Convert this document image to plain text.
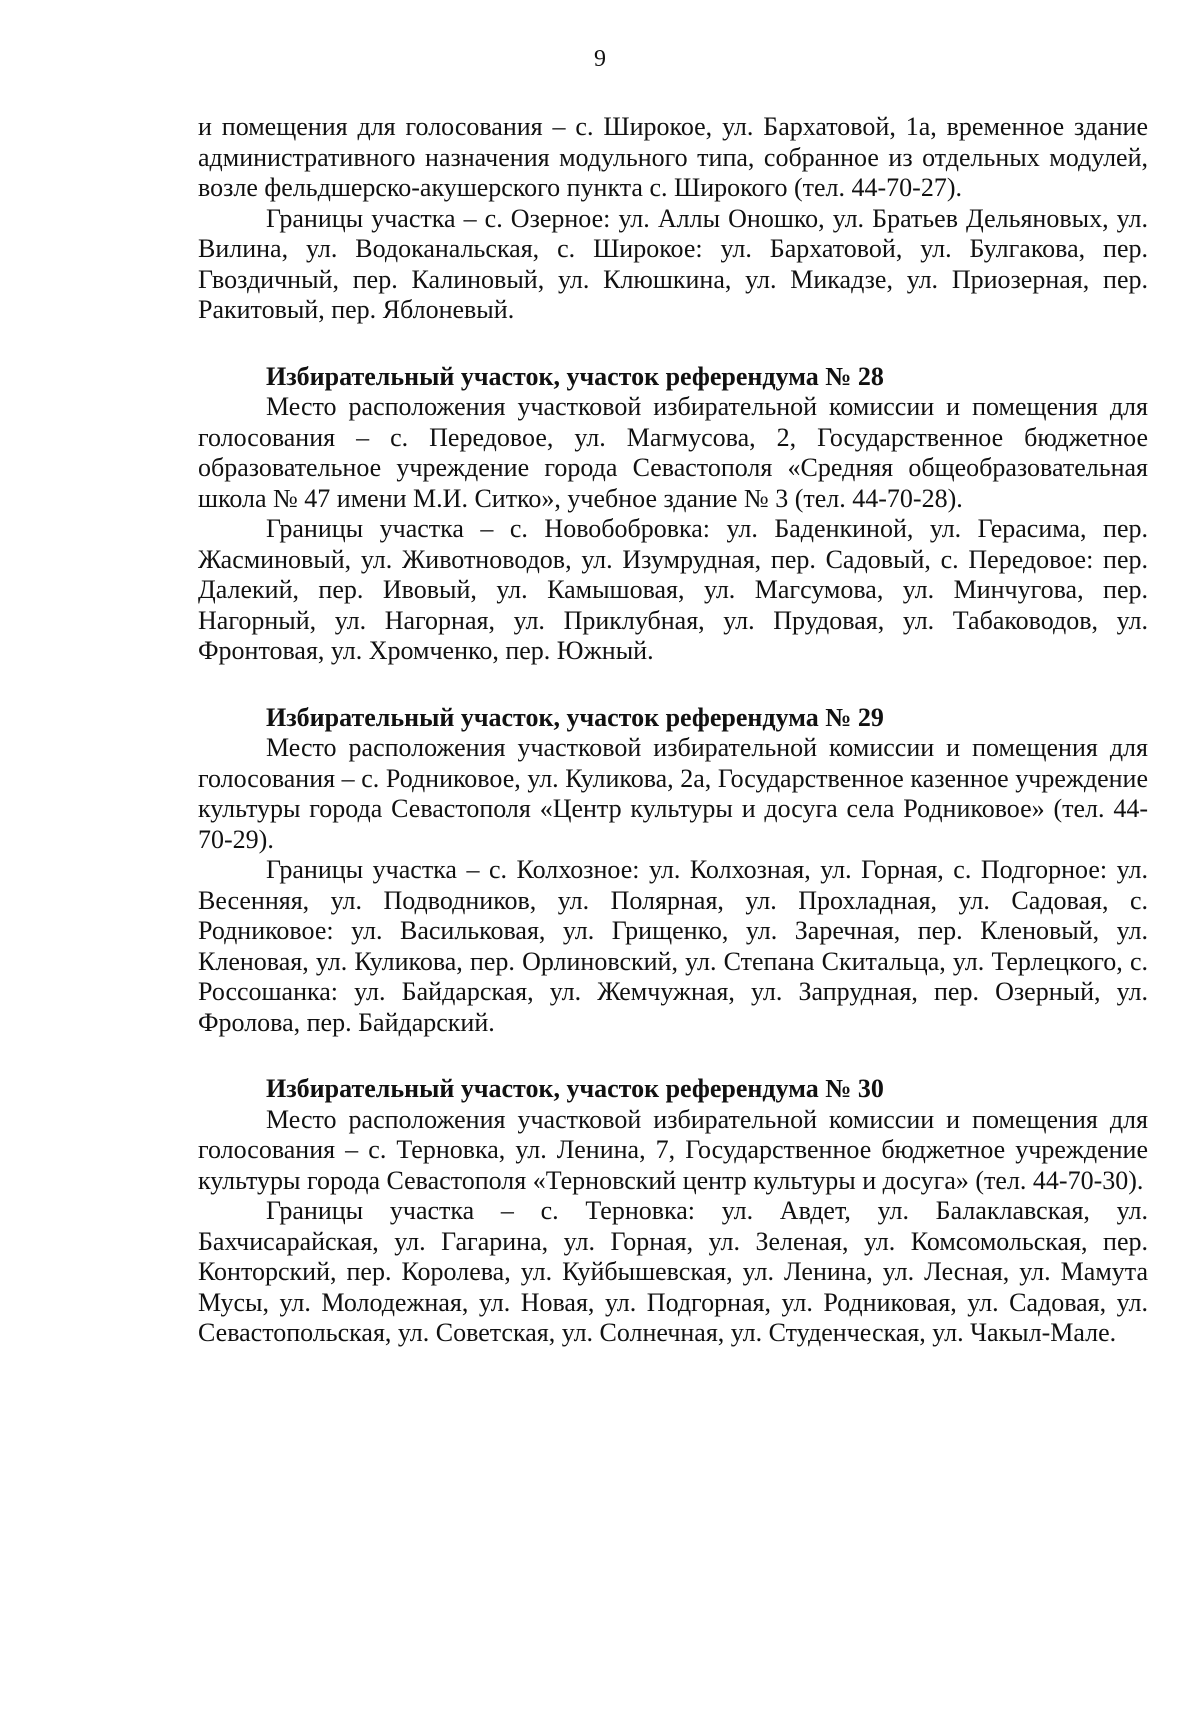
9

и помещения для голосования – с. Широкое, ул. Бархатовой, 1а, временное здание административного назначения модульного типа, собранное из отдельных модулей, возле фельдшерско-акушерского пункта с. Широкого (тел. 44-70-27).

Границы участка – с. Озерное: ул. Аллы Оношко, ул. Братьев Дельяновых, ул. Вилина, ул. Водоканальская, с. Широкое: ул. Бархатовой, ул. Булгакова, пер. Гвоздичный, пер. Калиновый, ул. Клюшкина, ул. Микадзе, ул. Приозерная, пер. Ракитовый, пер. Яблоневый.

Избирательный участок, участок референдума № 28

Место расположения участковой избирательной комиссии и помещения для голосования – с. Передовое, ул. Магмусова, 2, Государственное бюджетное образовательное учреждение города Севастополя «Средняя общеобразовательная школа № 47 имени М.И. Ситко», учебное здание № 3 (тел. 44-70-28).

Границы участка – с. Новобобровка: ул. Баденкиной, ул. Герасима, пер. Жасминовый, ул. Животноводов, ул. Изумрудная, пер. Садовый, с. Передовое: пер. Далекий, пер. Ивовый, ул. Камышовая, ул. Магсумова, ул. Минчугова, пер. Нагорный, ул. Нагорная, ул. Приклубная, ул. Прудовая, ул. Табаководов, ул. Фронтовая, ул. Хромченко, пер. Южный.

Избирательный участок, участок референдума № 29

Место расположения участковой избирательной комиссии и помещения для голосования – с. Родниковое, ул. Куликова, 2а, Государственное казенное учреждение культуры города Севастополя «Центр культуры и досуга села Родниковое» (тел. 44-70-29).

Границы участка – с. Колхозное: ул. Колхозная, ул. Горная, с. Подгорное: ул. Весенняя, ул. Подводников, ул. Полярная, ул. Прохладная, ул. Садовая, с. Родниковое: ул. Васильковая, ул. Грищенко, ул. Заречная, пер. Кленовый, ул. Кленовая, ул. Куликова, пер. Орлиновский, ул. Степана Скитальца, ул. Терлецкого, с. Россошанка: ул. Байдарская, ул. Жемчужная, ул. Запрудная, пер. Озерный, ул. Фролова, пер. Байдарский.

Избирательный участок, участок референдума № 30

Место расположения участковой избирательной комиссии и помещения для голосования – с. Терновка, ул. Ленина, 7, Государственное бюджетное учреждение культуры города Севастополя «Терновский центр культуры и досуга» (тел. 44-70-30).

Границы участка – с. Терновка: ул. Авдет, ул. Балаклавская, ул. Бахчисарайская, ул. Гагарина, ул. Горная, ул. Зеленая, ул. Комсомольская, пер. Конторский, пер. Королева, ул. Куйбышевская, ул. Ленина, ул. Лесная, ул. Мамута Мусы, ул. Молодежная, ул. Новая, ул. Подгорная, ул. Родниковая, ул. Садовая, ул. Севастопольская, ул. Советская, ул. Солнечная, ул. Студенческая, ул. Чакыл-Мале.
